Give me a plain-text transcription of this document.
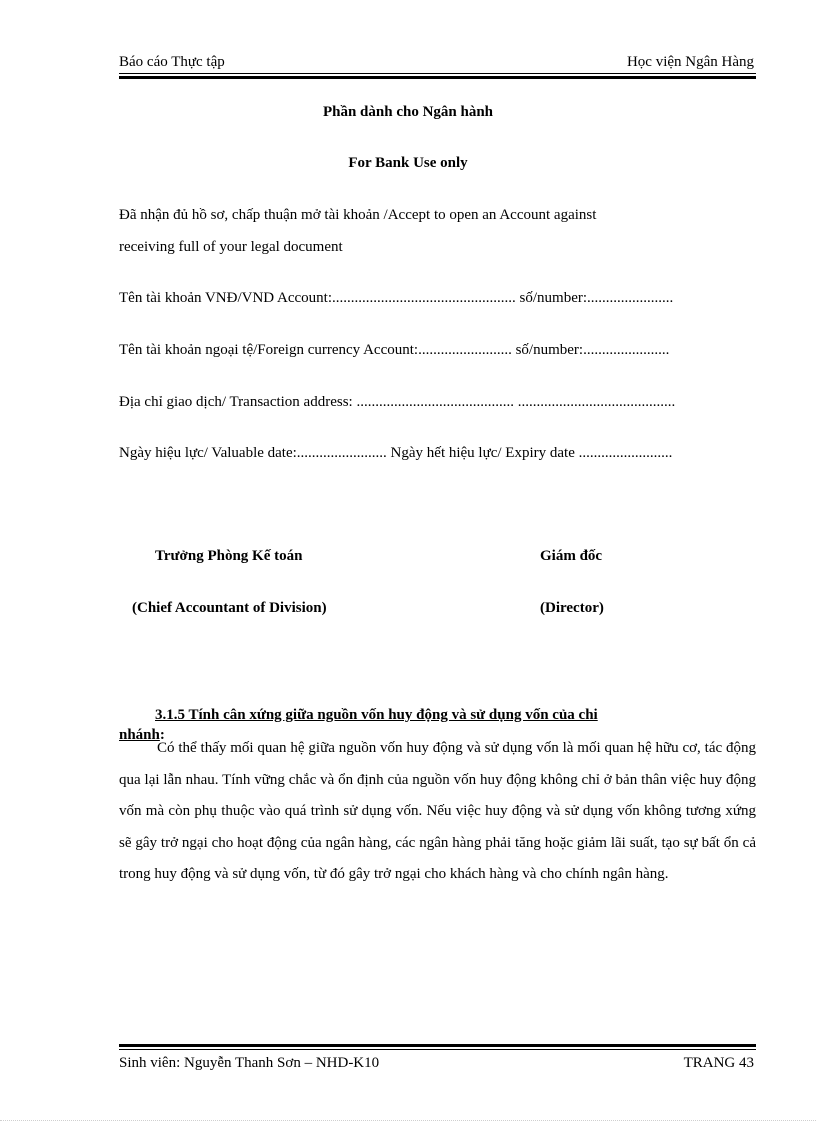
Báo cáo Thực tập	Học viện Ngân Hàng
Phần dành cho Ngân hành
For Bank Use only
Đã nhận đủ hồ sơ, chấp thuận mở tài khoản /Accept to open an Account against
receiving full of your legal document
Tên tài khoản VNĐ/VND Account:................................................. số/number:.......................
Tên tài khoản ngoại tệ/Foreign currency Account:......................... số/number:.......................
Địa chỉ giao dịch/ Transaction address: .......................................... ..........................................
Ngày hiệu lực/ Valuable date:........................ Ngày hết hiệu lực/ Expiry date .........................
Trưởng Phòng Kế toán	Giám đốc
(Chief Accountant of Division)	(Director)
3.1.5 Tính cân xứng giữa nguồn vốn huy động và sử dụng vốn của chi
nhánh:
Có thể thấy mối quan hệ giữa nguồn vốn huy động và sử dụng vốn là mối quan hệ hữu cơ, tác động qua lại lẫn nhau. Tính vững chắc và ổn định của nguồn vốn huy động không chỉ ở bản thân việc huy động vốn mà còn phụ thuộc vào quá trình sử dụng vốn. Nếu việc huy động và sử dụng vốn không tương xứng sẽ gây trở ngại cho hoạt động của ngân hàng, các ngân hàng phải tăng hoặc giảm lãi suất, tạo sự bất ổn cả trong huy động và sử dụng vốn, từ đó gây trở ngại cho khách hàng và cho chính ngân hàng.
Sinh viên: Nguyễn Thanh Sơn – NHD-K10	TRANG 43
